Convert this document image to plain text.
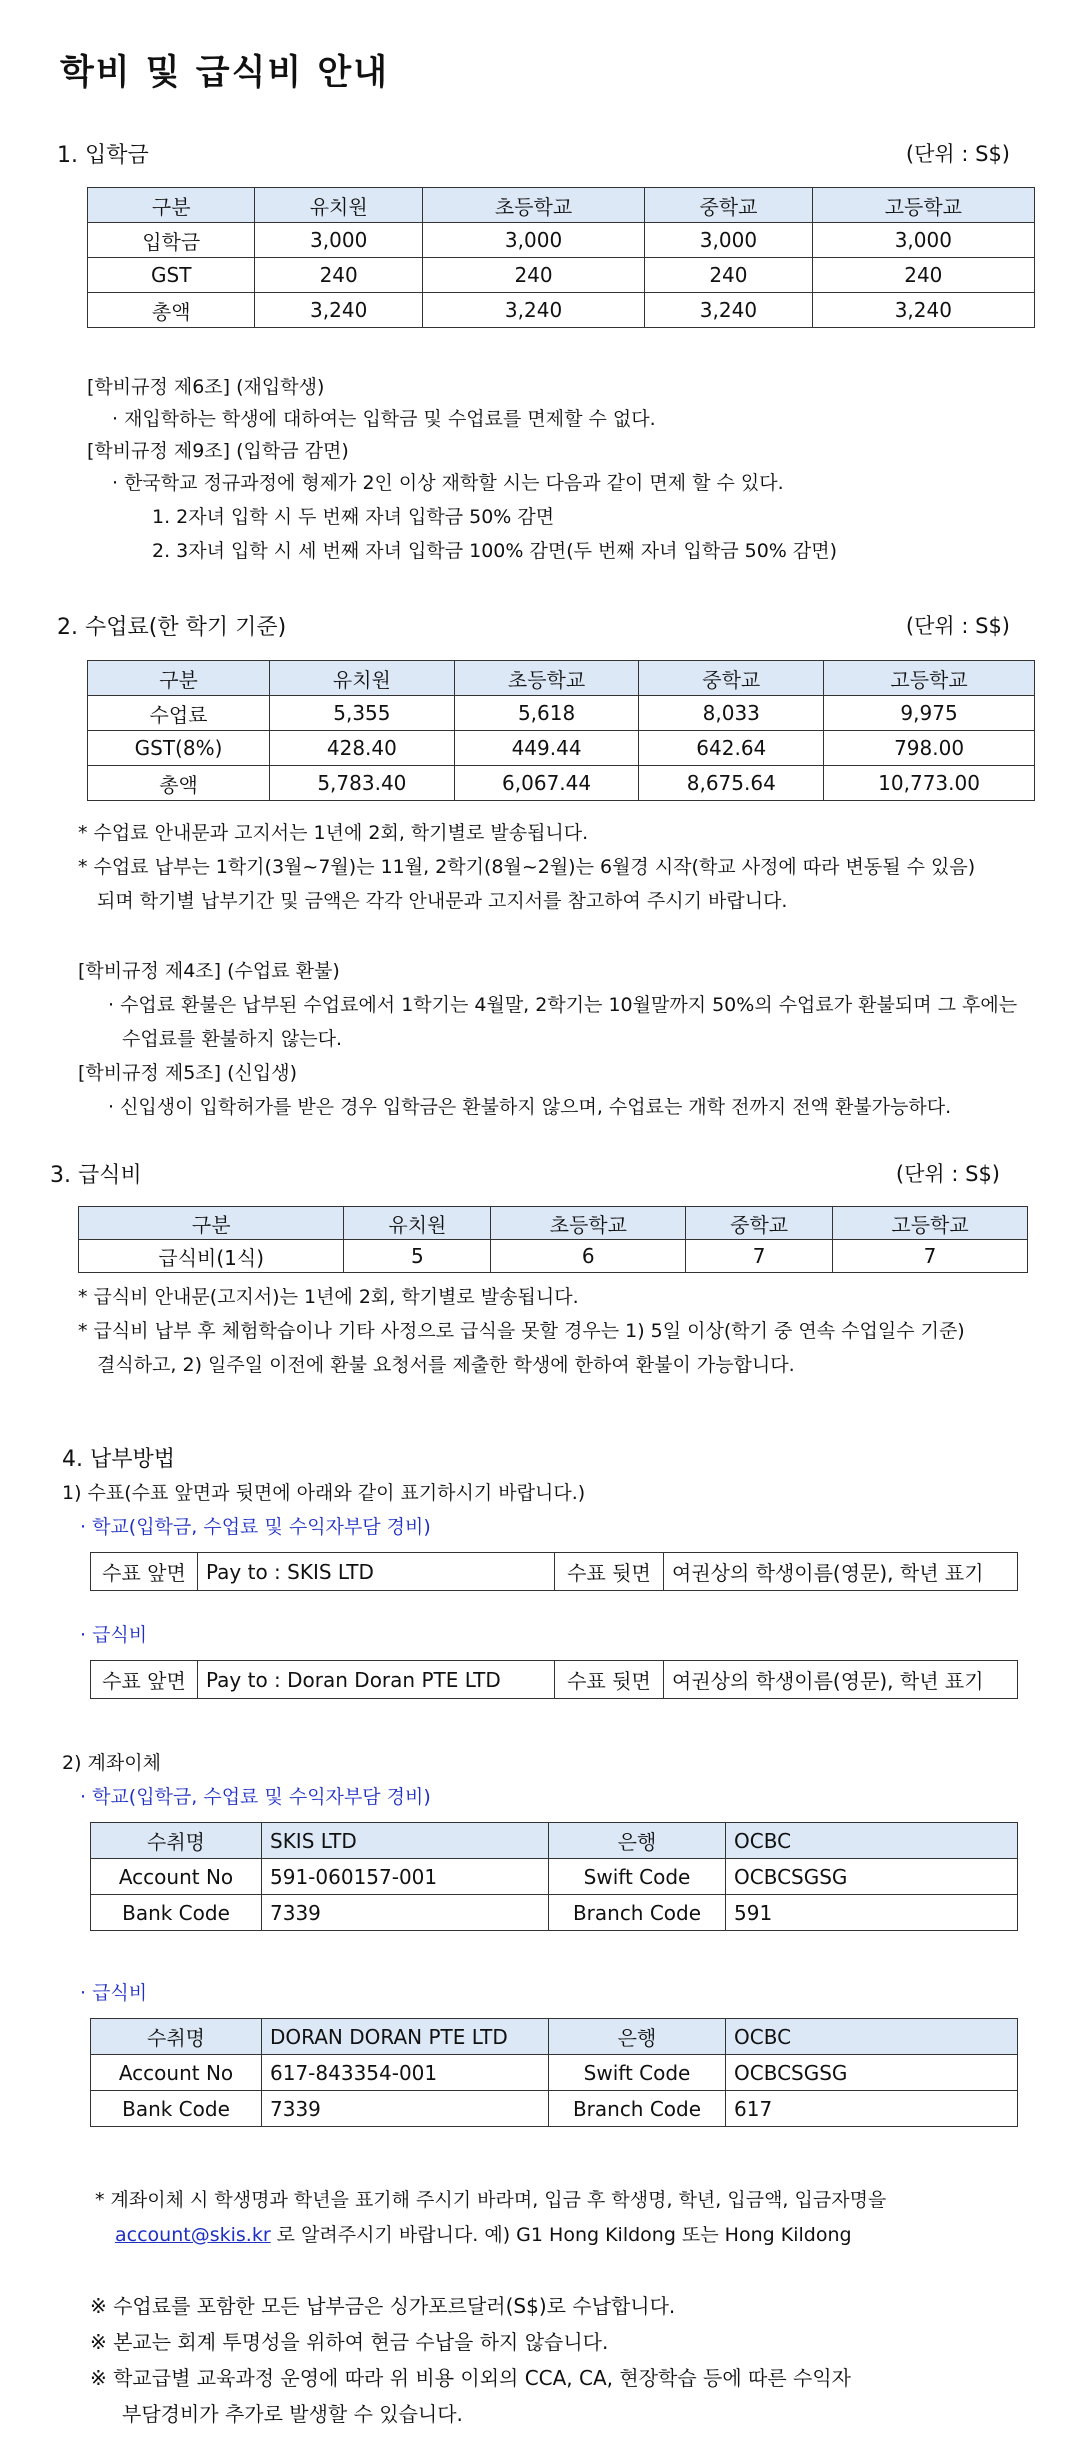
학비 및 급식비 안내
1. 입학금	(단위 : S$)
구분	유치원	초등학교	중학교	고등학교
입학금	3,000	3,000	3,000	3,000
GST	240	240	240	240
총액	3,240	3,240	3,240	3,240
[학비규정 제6조] (재입학생)
· 재입학하는 학생에 대하여는 입학금 및 수업료를 면제할 수 없다.
[학비규정 제9조] (입학금 감면)
· 한국학교 정규과정에 형제가 2인 이상 재학할 시는 다음과 같이 면제 할 수 있다.
1. 2자녀 입학 시 두 번째 자녀 입학금 50% 감면
2. 3자녀 입학 시 세 번째 자녀 입학금 100% 감면(두 번째 자녀 입학금 50% 감면)
2. 수업료(한 학기 기준)	(단위 : S$)
구분	유치원	초등학교	중학교	고등학교
수업료	5,355	5,618	8,033	9,975
GST(8%)	428.40	449.44	642.64	798.00
총액	5,783.40	6,067.44	8,675.64	10,773.00
* 수업료 안내문과 고지서는 1년에 2회, 학기별로 발송됩니다.
* 수업료 납부는 1학기(3월~7월)는 11월, 2학기(8월~2월)는 6월경 시작(학교 사정에 따라 변동될 수 있음)
되며 학기별 납부기간 및 금액은 각각 안내문과 고지서를 참고하여 주시기 바랍니다.
[학비규정 제4조] (수업료 환불)
· 수업료 환불은 납부된 수업료에서 1학기는 4월말, 2학기는 10월말까지 50%의 수업료가 환불되며 그 후에는
수업료를 환불하지 않는다.
[학비규정 제5조] (신입생)
· 신입생이 입학허가를 받은 경우 입학금은 환불하지 않으며, 수업료는 개학 전까지 전액 환불가능하다.
3. 급식비	(단위 : S$)
구분	유치원	초등학교	중학교	고등학교
급식비(1식)	5	6	7	7
* 급식비 안내문(고지서)는 1년에 2회, 학기별로 발송됩니다.
* 급식비 납부 후 체험학습이나 기타 사정으로 급식을 못할 경우는 1) 5일 이상(학기 중 연속 수업일수 기준)
결식하고, 2) 일주일 이전에 환불 요청서를 제출한 학생에 한하여 환불이 가능합니다.
4. 납부방법
1) 수표(수표 앞면과 뒷면에 아래와 같이 표기하시기 바랍니다.)
· 학교(입학금, 수업료 및 수익자부담 경비)
수표 앞면	Pay to : SKIS LTD	수표 뒷면	여권상의 학생이름(영문), 학년 표기
· 급식비
수표 앞면	Pay to : Doran Doran PTE LTD	수표 뒷면	여권상의 학생이름(영문), 학년 표기
2) 계좌이체
· 학교(입학금, 수업료 및 수익자부담 경비)
수취명	SKIS LTD	은행	OCBC
Account No	591-060157-001	Swift Code	OCBCSGSG
Bank Code	7339	Branch Code	591
· 급식비
수취명	DORAN DORAN PTE LTD	은행	OCBC
Account No	617-843354-001	Swift Code	OCBCSGSG
Bank Code	7339	Branch Code	617
* 계좌이체 시 학생명과 학년을 표기해 주시기 바라며, 입금 후 학생명, 학년, 입금액, 입금자명을
account@skis.kr 로 알려주시기 바랍니다. 예) G1 Hong Kildong 또는 Hong Kildong
※ 수업료를 포함한 모든 납부금은 싱가포르달러(S$)로 수납합니다.
※ 본교는 회계 투명성을 위하여 현금 수납을 하지 않습니다.
※ 학교급별 교육과정 운영에 따라 위 비용 이외의 CCA, CA, 현장학습 등에 따른 수익자
부담경비가 추가로 발생할 수 있습니다.
